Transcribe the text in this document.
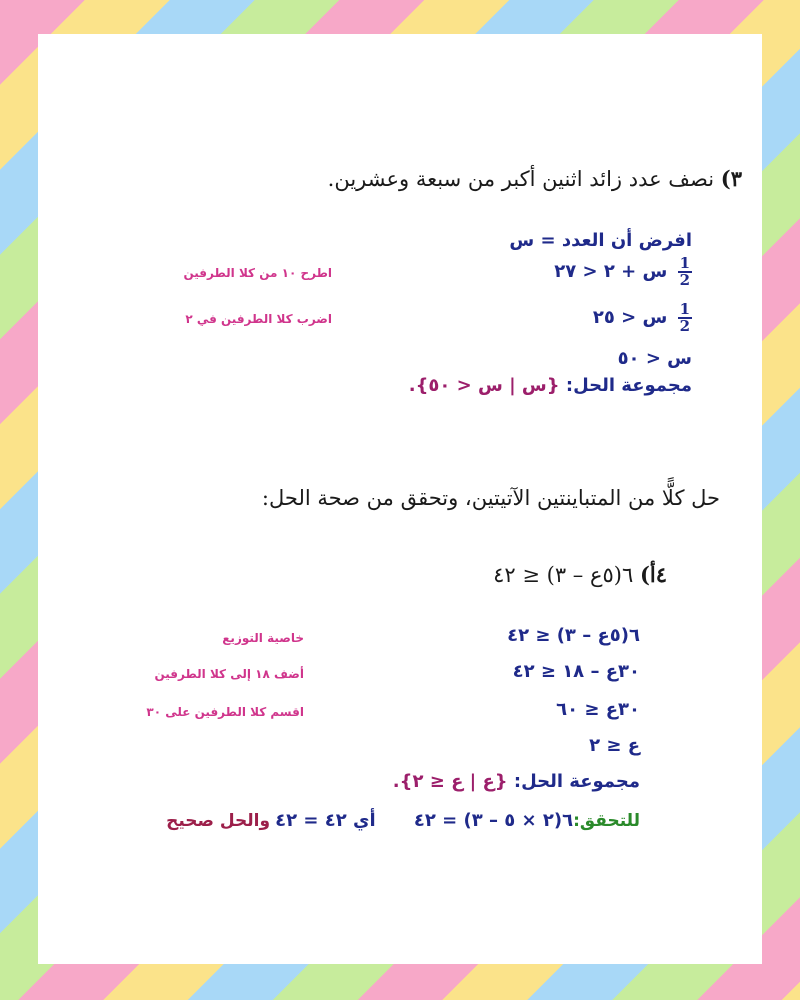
٣) نصف عدد زائد اثنين أكبر من سبعة وعشرين.
افرض أن العدد = س
$\frac{1}{2}$
س + ٢ < ٢٧
اطرح ١٠ من كلا الطرفين
$\frac{1}{2}$
س < ٢٥
اضرب كلا الطرفين في ٢
س < ٥٠
مجموعة الحل: {س | س < ٥٠}.
حل كلًّا من المتباينتين الآتيتين، وتحقق من صحة الحل:
٤أ) ٦(٥ع – ٣) ≤ ٤٢
٦(٥ع – ٣) ≤ ٤٢
خاصية التوزيع
٣٠ع – ١٨ ≤ ٤٢
أضف ١٨ إلى كلا الطرفين
٣٠ع ≤ ٦٠
اقسم كلا الطرفين على ٣٠
ع ≤ ٢
مجموعة الحل: {ع | ع ≤ ٢}.
للتحقق:٦(٢ × ٥ – ٣) = ٤٢  أي ٤٢ = ٤٢ والحل صحيح
